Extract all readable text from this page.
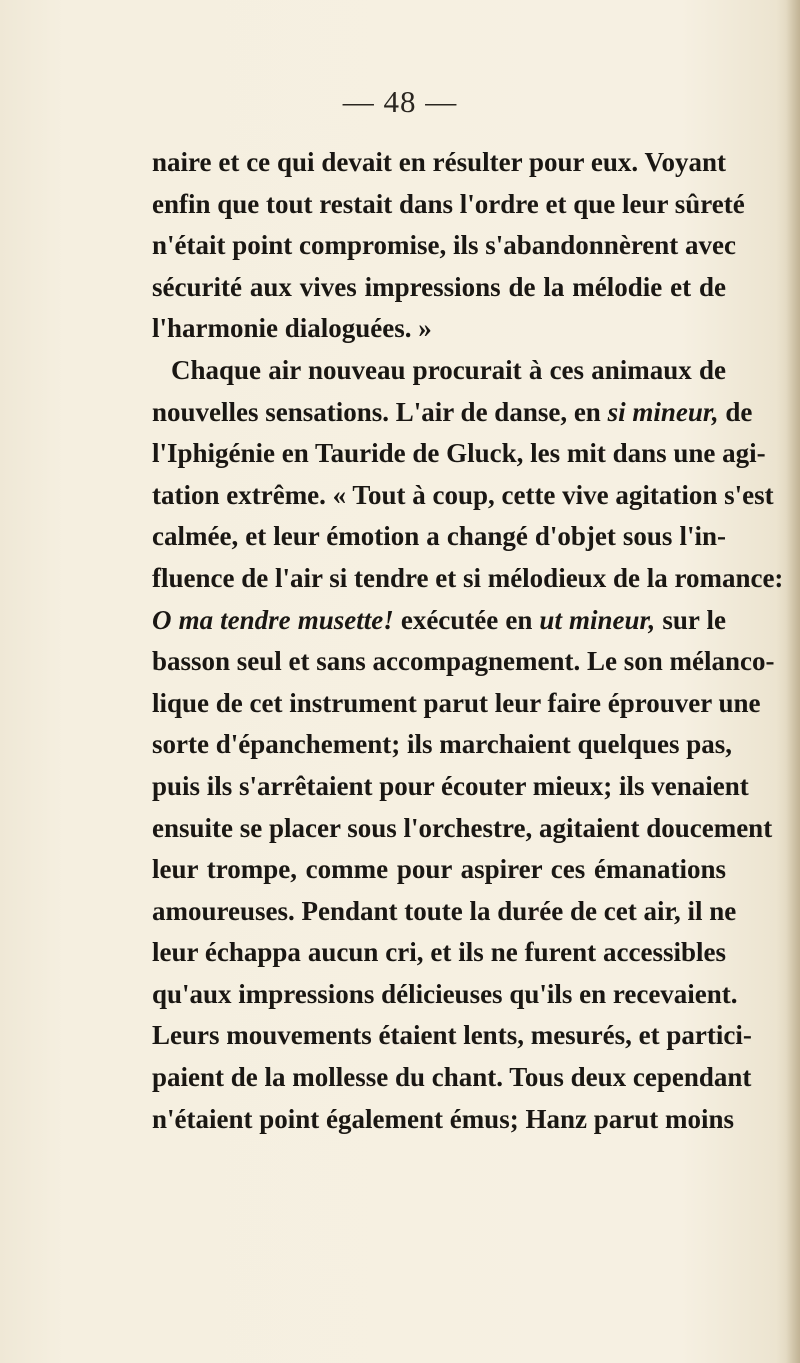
— 48 —
naire et ce qui devait en résulter pour eux. Voyant
enfin que tout restait dans l'ordre et que leur sûreté
n'était point compromise, ils s'abandonnèrent avec
sécurité aux vives impressions de la mélodie et de
l'harmonie dialoguées. »
Chaque air nouveau procurait à ces animaux de
nouvelles sensations. L'air de danse, en si mineur, de
l'Iphigénie en Tauride de Gluck, les mit dans une agi-
tation extrême. « Tout à coup, cette vive agitation s'est
calmée, et leur émotion a changé d'objet sous l'in-
fluence de l'air si tendre et si mélodieux de la romance:
O ma tendre musette! exécutée en ut mineur, sur le
basson seul et sans accompagnement. Le son mélanco-
lique de cet instrument parut leur faire éprouver une
sorte d'épanchement; ils marchaient quelques pas,
puis ils s'arrêtaient pour écouter mieux; ils venaient
ensuite se placer sous l'orchestre, agitaient doucement
leur trompe, comme pour aspirer ces émanations
amoureuses. Pendant toute la durée de cet air, il ne
leur échappa aucun cri, et ils ne furent accessibles
qu'aux impressions délicieuses qu'ils en recevaient.
Leurs mouvements étaient lents, mesurés, et partici-
paient de la mollesse du chant. Tous deux cependant
n'étaient point également émus; Hanz parut moins
